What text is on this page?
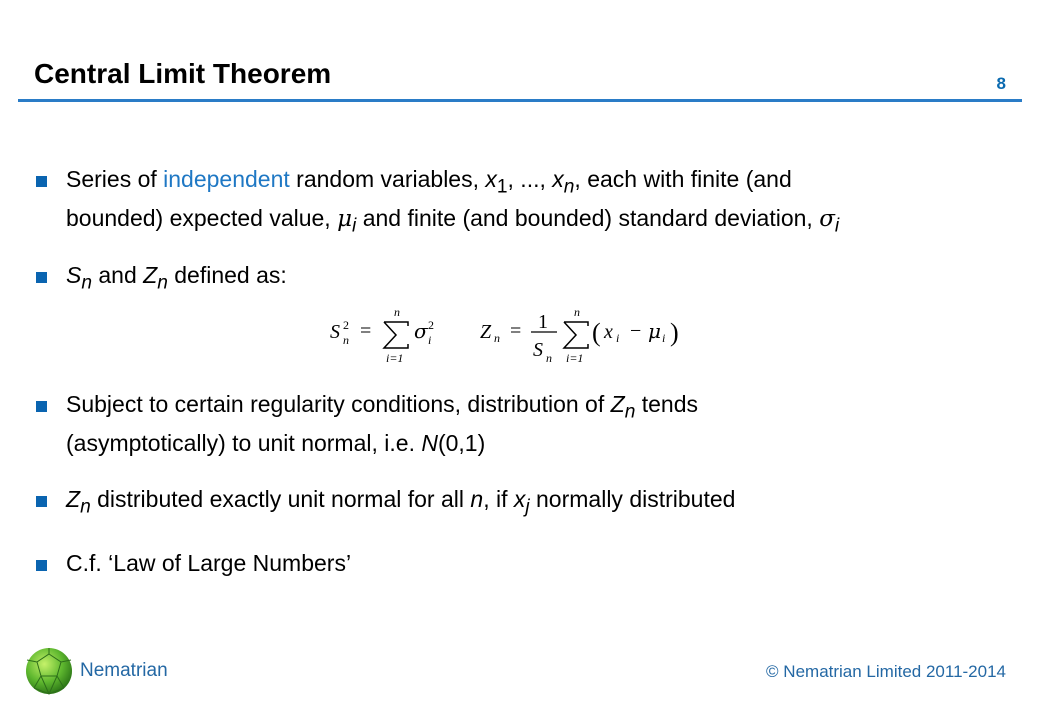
Central Limit Theorem	8
Series of independent random variables, $x_1$, ..., $x_n$, each with finite (and
bounded) expected value, $\mu_i$ and finite (and bounded) standard deviation, $\sigma_i$
$S_n$ and $Z_n$ defined as:
S 2
n =
n
i=1
σ 2
i Z n = 1
S n
n
i=1
( x i − μ i )
Subject to certain regularity conditions, distribution of $Z_n$ tends
(asymptotically) to unit normal, i.e. N(0,1)
$Z_n$ distributed exactly unit normal for all n, if $x_j$ normally distributed
C.f. ‘Law of Large Numbers’
Nematrian	© Nematrian Limited 2011-2014
